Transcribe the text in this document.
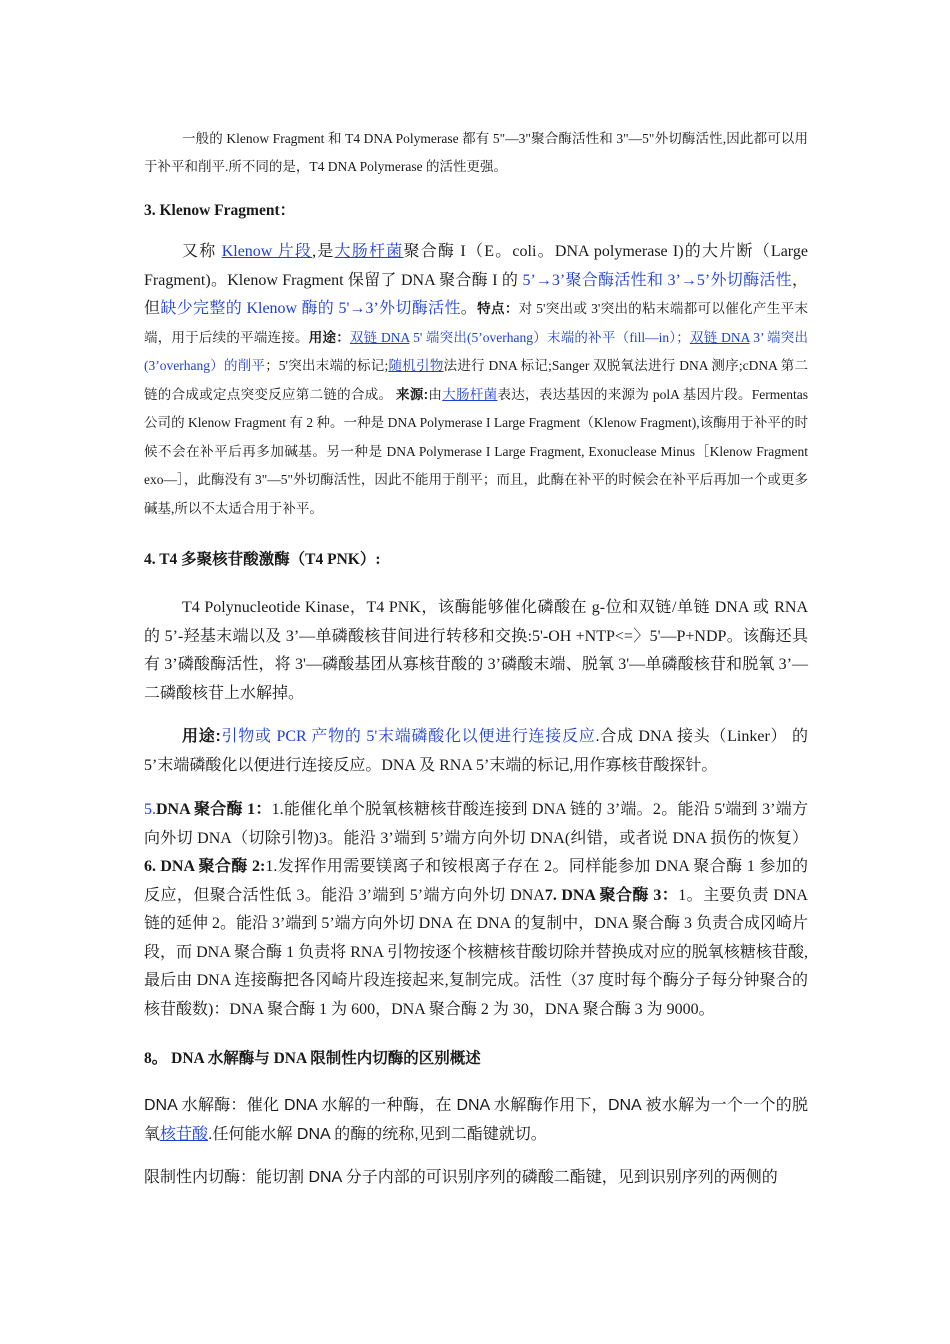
一般的 Klenow Fragment 和 T4 DNA Polymerase 都有 5"—3"聚合酶活性和 3"—5"外切酶活性,因此都可以用于补平和削平.所不同的是，T4 DNA Polymerase 的活性更强。

3. Klenow Fragment：

又称 Klenow 片段,是大肠杆菌聚合酶 I（E。coli。DNA polymerase I)的大片断（Large Fragment)。Klenow Fragment 保留了 DNA 聚合酶 I 的 5’→3’聚合酶活性和 3’→5’外切酶活性，但缺少完整的 Klenow 酶的 5'→3’外切酶活性。特点：对 5'突出或 3'突出的粘末端都可以催化产生平末端，用于后续的平端连接。用途：双链 DNA 5' 端突出(5’overhang）末端的补平（fill—in）；双链 DNA 3’ 端突出(3’overhang）的削平；5'突出末端的标记;随机引物法进行 DNA 标记;Sanger 双脱氧法进行 DNA 测序;cDNA 第二链的合成或定点突变反应第二链的合成。 来源:由大肠杆菌表达，表达基因的来源为 polA 基因片段。Fermentas 公司的 Klenow Fragment 有 2 种。一种是 DNA Polymerase I Large Fragment（Klenow Fragment),该酶用于补平的时候不会在补平后再多加碱基。另一种是 DNA Polymerase I Large Fragment, Exonuclease Minus［Klenow Fragment exo—］，此酶没有 3"—5"外切酶活性，因此不能用于削平；而且，此酶在补平的时候会在补平后再加一个或更多碱基,所以不太适合用于补平。

4. T4 多聚核苷酸激酶（T4 PNK）:

T4 Polynucleotide Kinase，T4 PNK，该酶能够催化磷酸在 g-位和双链/单链 DNA 或 RNA 的 5’-羟基末端以及 3’—单磷酸核苷间进行转移和交换:5'-OH +NTP<=〉5'—P+NDP。该酶还具有 3’磷酸酶活性，将 3'—磷酸基团从寡核苷酸的 3’磷酸末端、脱氧 3'—单磷酸核苷和脱氧 3’—二磷酸核苷上水解掉。

用途:引物或 PCR 产物的 5'末端磷酸化以便进行连接反应.合成 DNA 接头（Linker） 的 5’末端磷酸化以便进行连接反应。DNA 及 RNA 5’末端的标记,用作寡核苷酸探针。

5.DNA 聚合酶 1：1.能催化单个脱氧核糖核苷酸连接到 DNA 链的 3’端。2。能沿 5'端到 3’端方向外切 DNA（切除引物)3。能沿 3’端到 5’端方向外切 DNA(纠错，或者说 DNA 损伤的恢复）6. DNA 聚合酶 2:1.发挥作用需要镁离子和铵根离子存在 2。同样能参加 DNA 聚合酶 1 参加的反应，但聚合活性低 3。能沿 3’端到 5’端方向外切 DNA7. DNA 聚合酶 3：1。主要负责 DNA 链的延伸 2。能沿 3’端到 5’端方向外切 DNA 在 DNA 的复制中，DNA 聚合酶 3 负责合成冈崎片段，而 DNA 聚合酶 1 负责将 RNA 引物按逐个核糖核苷酸切除并替换成对应的脱氧核糖核苷酸,最后由 DNA 连接酶把各冈崎片段连接起来,复制完成。活性（37 度时每个酶分子每分钟聚合的核苷酸数)：DNA 聚合酶 1 为 600，DNA 聚合酶 2 为 30，DNA 聚合酶 3 为 9000。

8。 DNA 水解酶与 DNA 限制性内切酶的区别概述

DNA 水解酶：催化 DNA 水解的一种酶，在 DNA 水解酶作用下，DNA 被水解为一个一个的脱氧核苷酸.任何能水解 DNA 的酶的统称,见到二酯键就切。

限制性内切酶：能切割 DNA 分子内部的可识别序列的磷酸二酯键，见到识别序列的两侧的
